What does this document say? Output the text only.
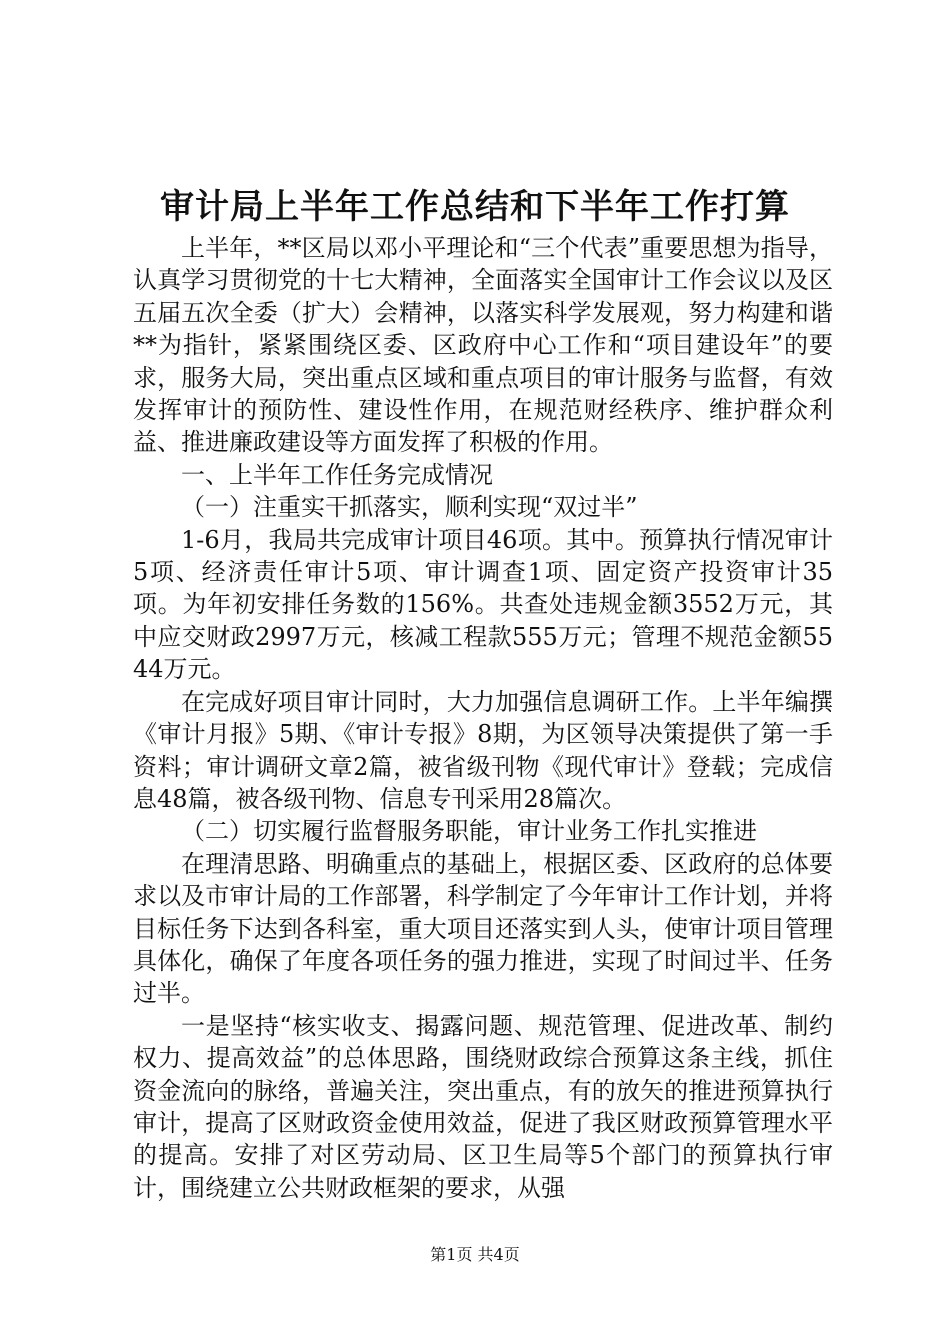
审计局上半年工作总结和下半年工作打算

上半年，**区局以邓小平理论和“三个代表”重要思想为指导，认真学习贯彻党的十七大精神，全面落实全国审计工作会议以及区五届五次全委（扩大）会精神，以落实科学发展观，努力构建和谐**为指针，紧紧围绕区委、区政府中心工作和“项目建设年”的要求，服务大局，突出重点区域和重点项目的审计服务与监督，有效发挥审计的预防性、建设性作用，在规范财经秩序、维护群众利益、推进廉政建设等方面发挥了积极的作用。

一、上半年工作任务完成情况

（一）注重实干抓落实，顺利实现“双过半”

1-6月，我局共完成审计项目46项。其中。预算执行情况审计5项、经济责任审计5项、审计调查1项、固定资产投资审计35项。为年初安排任务数的156%。共查处违规金额3552万元，其中应交财政2997万元，核减工程款555万元；管理不规范金额5544万元。

在完成好项目审计同时，大力加强信息调研工作。上半年编撰《审计月报》5期、《审计专报》8期，为区领导决策提供了第一手资料；审计调研文章2篇，被省级刊物《现代审计》登载；完成信息48篇，被各级刊物、信息专刊采用28篇次。

（二）切实履行监督服务职能，审计业务工作扎实推进

在理清思路、明确重点的基础上，根据区委、区政府的总体要求以及市审计局的工作部署，科学制定了今年审计工作计划，并将目标任务下达到各科室，重大项目还落实到人头，使审计项目管理具体化，确保了年度各项任务的强力推进，实现了时间过半、任务过半。

一是坚持“核实收支、揭露问题、规范管理、促进改革、制约权力、提高效益”的总体思路，围绕财政综合预算这条主线，抓住资金流向的脉络，普遍关注，突出重点，有的放矢的推进预算执行审计，提高了区财政资金使用效益，促进了我区财政预算管理水平的提高。安排了对区劳动局、区卫生局等5个部门的预算执行审计，围绕建立公共财政框架的要求，从强

第1页 共4页
